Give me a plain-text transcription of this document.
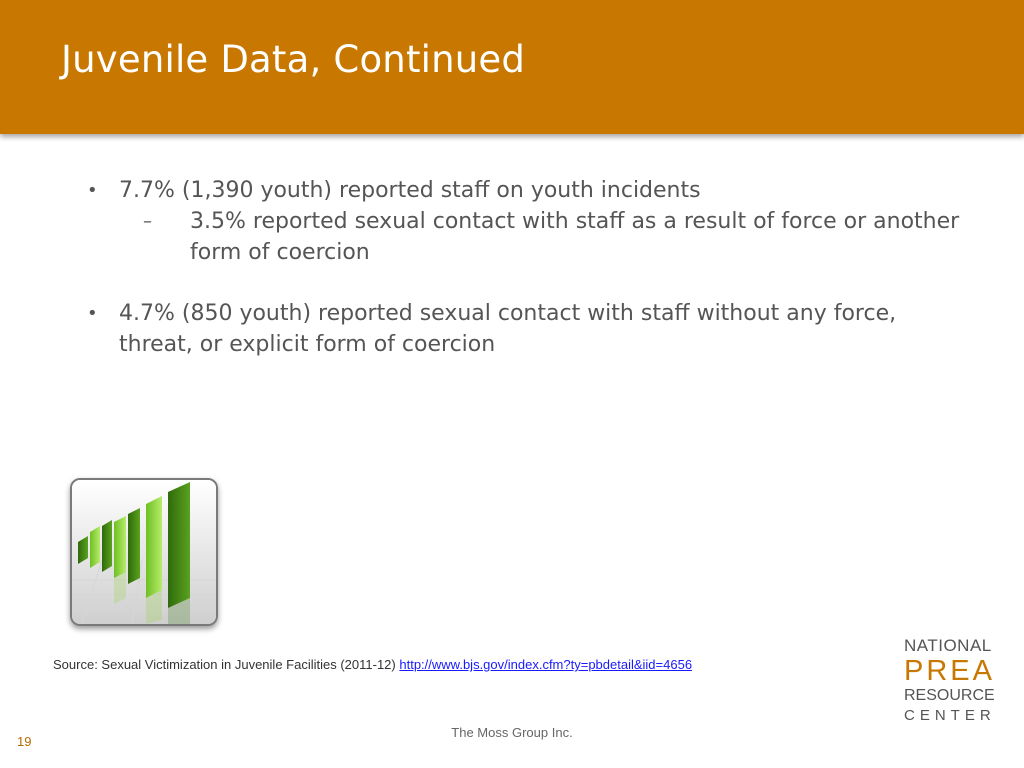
Juvenile Data, Continued
• 7.7% (1,390 youth) reported staff on youth incidents
– 3.5% reported sexual contact with staff as a result of force or another form of coercion
• 4.7% (850 youth) reported sexual contact with staff without any force, threat, or explicit form of coercion
Source: Sexual Victimization in Juvenile Facilities (2011-12) http://www.bjs.gov/index.cfm?ty=pbdetail&iid=4656
The Moss Group Inc.
19
NATIONAL
PREA
RESOURCE
CENTER
